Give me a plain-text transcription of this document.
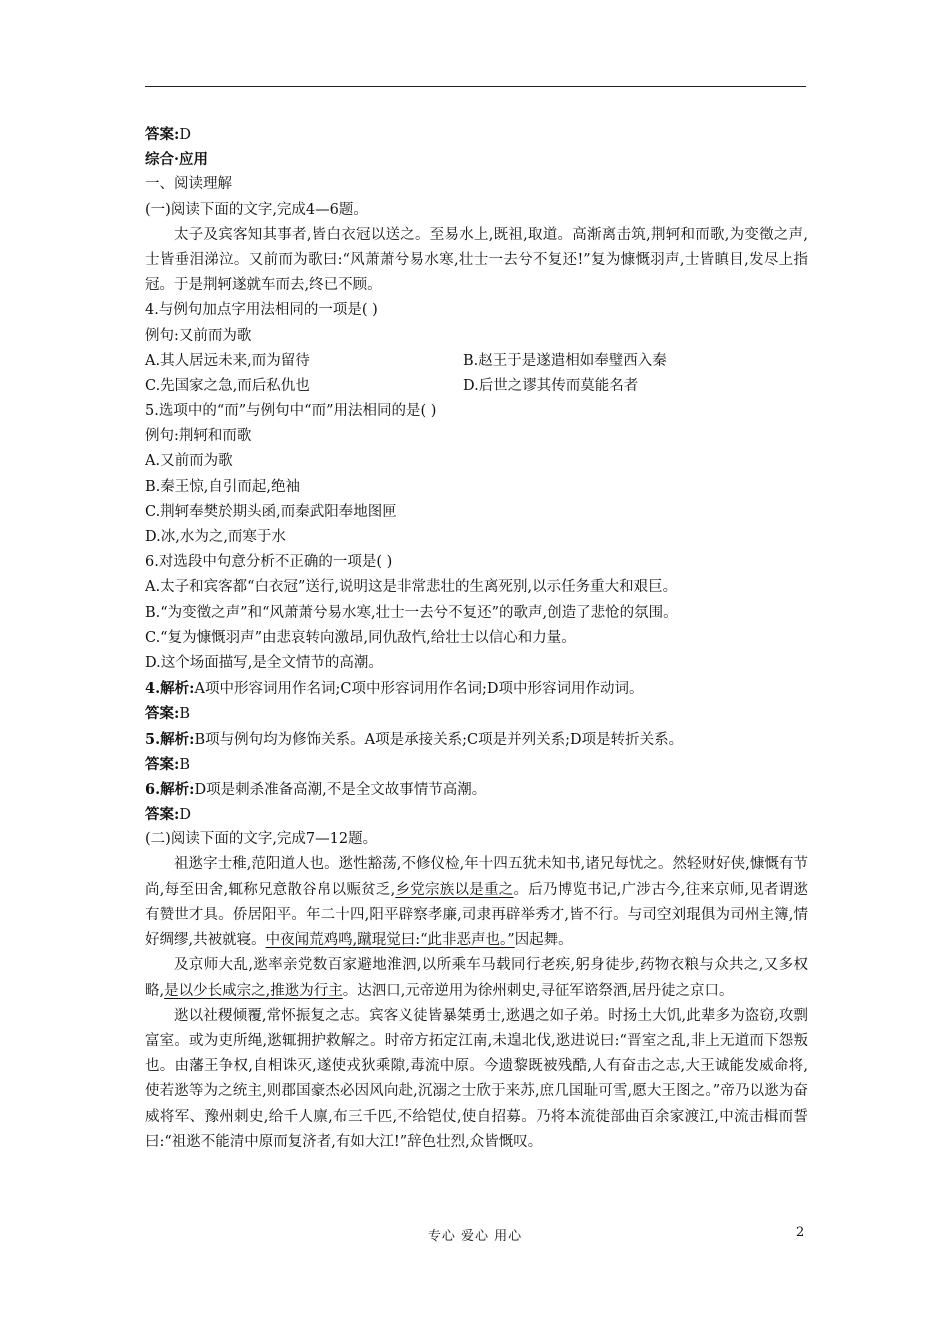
答案:D
综合·应用
一、阅读理解
(一)阅读下面的文字,完成4—6题。
太子及宾客知其事者,皆白衣冠以送之。至易水上,既祖,取道。高渐离击筑,荆轲和而歌,为变徵之声,士皆垂泪涕泣。又前而为歌曰:“风萧萧兮易水寒,壮士一去兮不复还!”复为慷慨羽声,士皆瞋目,发尽上指冠。于是荆轲遂就车而去,终已不顾。
4.与例句加点字用法相同的一项是( )
例句:又前而为歌
A.其人居远未来,而为留待	B.赵王于是遂遣相如奉璧西入秦
C.先国家之急,而后私仇也	D.后世之谬其传而莫能名者
5.选项中的“而”与例句中“而”用法相同的是( )
例句:荆轲和而歌
A.又前而为歌
B.秦王惊,自引而起,绝袖
C.荆轲奉樊於期头函,而秦武阳奉地图匣
D.冰,水为之,而寒于水
6.对选段中句意分析不正确的一项是( )
A.太子和宾客都“白衣冠”送行,说明这是非常悲壮的生离死别,以示任务重大和艰巨。
B.“为变徵之声”和“风萧萧兮易水寒,壮士一去兮不复还”的歌声,创造了悲怆的氛围。
C.“复为慷慨羽声”由悲哀转向激昂,同仇敌忾,给壮士以信心和力量。
D.这个场面描写,是全文情节的高潮。
4.解析:A项中形容词用作名词;C项中形容词用作名词;D项中形容词用作动词。
答案:B
5.解析:B项与例句均为修饰关系。A项是承接关系;C项是并列关系;D项是转折关系。
答案:B
6.解析:D项是刺杀准备高潮,不是全文故事情节高潮。
答案:D
(二)阅读下面的文字,完成7—12题。
祖逖字士稚,范阳道人也。逖性豁荡,不修仪检,年十四五犹未知书,诸兄每忧之。然轻财好侠,慷慨有节尚,每至田舍,辄称兄意散谷帛以赈贫乏,乡党宗族以是重之。后乃博览书记,广涉古今,往来京师,见者谓逖有赞世才具。侨居阳平。年二十四,阳平辟察孝廉,司隶再辟举秀才,皆不行。与司空刘琨俱为司州主簿,情好绸缪,共被就寝。中夜闻荒鸡鸣,蹴琨觉曰:“此非恶声也。”因起舞。
及京师大乱,逖率亲党数百家避地淮泗,以所乘车马载同行老疾,躬身徒步,药物衣粮与众共之,又多权略,是以少长咸宗之,推逖为行主。达泗口,元帝逆用为徐州刺史,寻征军谘祭酒,居丹徒之京口。
逖以社稷倾覆,常怀振复之志。宾客义徒皆暴桀勇士,逖遇之如子弟。时扬土大饥,此辈多为盗窃,攻剽富室。或为吏所绳,逖辄拥护救解之。时帝方拓定江南,未遑北伐,逖进说曰:“晋室之乱,非上无道而下怨叛也。由藩王争权,自相诛灭,遂使戎狄乘隙,毒流中原。今遗黎既被残酷,人有奋击之志,大王诚能发威命将,使若逖等为之统主,则郡国豪杰必因风向赴,沉溺之士欣于来苏,庶几国耻可雪,愿大王图之。”帝乃以逖为奋威将军、豫州刺史,给千人廪,布三千匹,不给铠仗,使自招募。乃将本流徙部曲百余家渡江,中流击楫而誓曰:“祖逖不能清中原而复济者,有如大江!”辞色壮烈,众皆慨叹。
专心 爱心 用心	2
